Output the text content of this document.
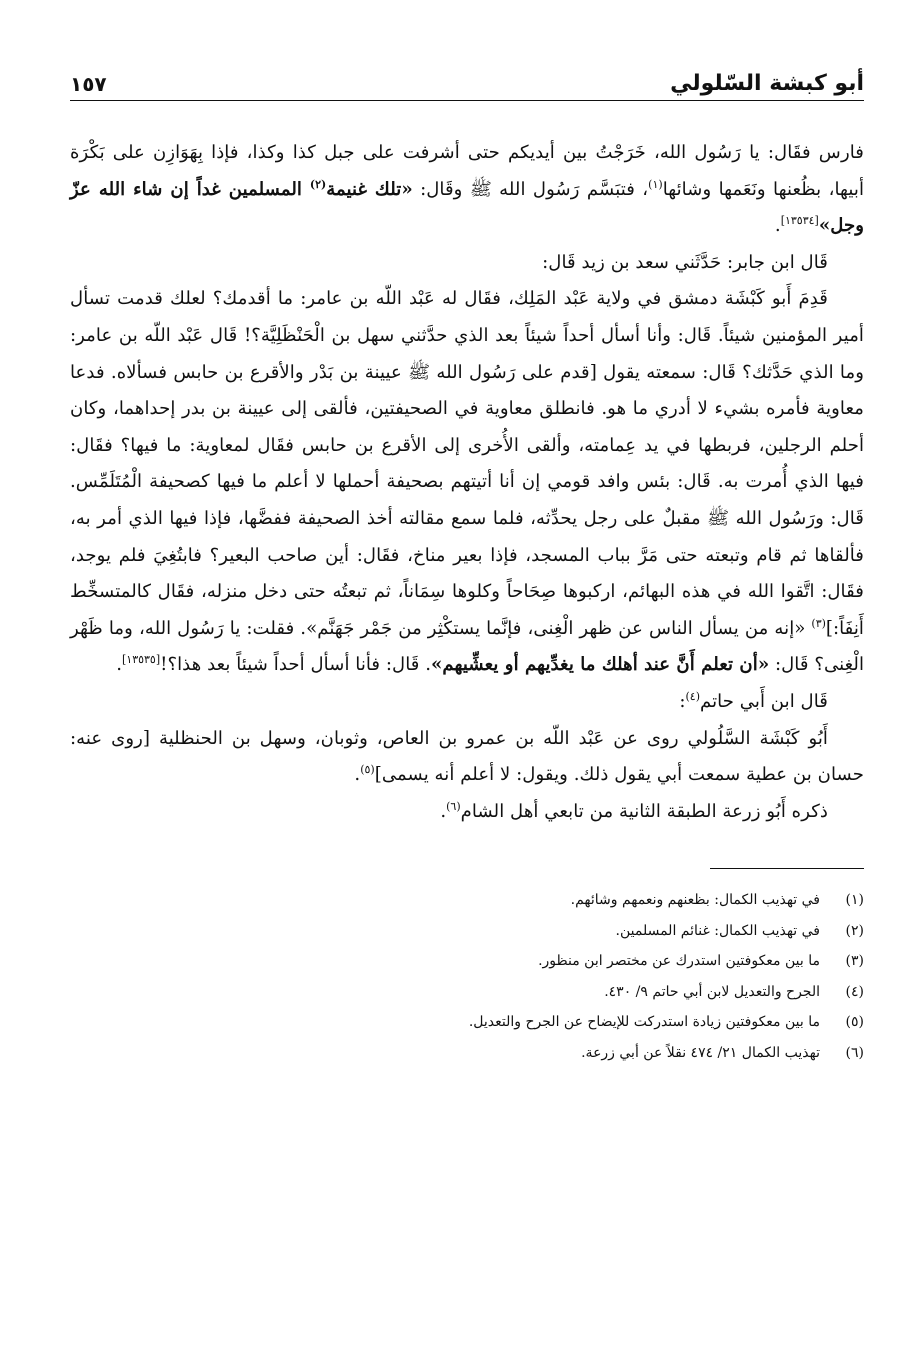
أبو كبشة السّلولي
١٥٧

فارس فقَال: يا رَسُول الله، خَرَجْتُ بين أيديكم حتى أشرفت على جبل كذا وكذا، فإذا بِهَوَازِن على بَكْرَة أبيها، بظُعنها ونَعَمها وشائها$^{(١)}$، فتبَسَّم رَسُول الله ﷺ وقَال: «تلك غنيمة$^{(٢)}$ المسلمين غداً إن شاء الله عزّ وجل»[١٣٥٣٤].

قَال ابن جابر: حَدَّثَني سعد بن زيد قَال:

قَدِمَ أَبو كَبْشَة دمشق في ولاية عَبْد المَلِك، فقَال له عَبْد اللّه بن عامر: ما أقدمك؟ لعلك قدمت تسأل أمير المؤمنين شيئاً. قَال: وأنا أسأل أحداً شيئاً بعد الذي حدَّثني سهل بن الْحَنْظَلِيَّة؟! قَال عَبْد اللّه بن عامر: وما الذي حَدَّثك؟ قَال: سمعته يقول [قدم على رَسُول الله ﷺ عيينة بن بَدْر والأقرع بن حابس فسألاه. فدعا معاوية فأمره بشيء لا أدري ما هو. فانطلق معاوية في الصحيفتين، فألقى إلى عيينة بن بدر إحداهما، وكان أحلم الرجلين، فربطها في يد عِمامته، وألقى الأُخرى إلى الأقرع بن حابس فقَال لمعاوية: ما فيها؟ فقَال: فيها الذي أُمرت به. قَال: بئس وافد قومي إن أنا أتيتهم بصحيفة أحملها لا أعلم ما فيها كصحيفة الْمُتَلَمِّس. قَال: ورَسُول الله ﷺ مقبلٌ على رجل يحدِّثه، فلما سمع مقالته أخذ الصحيفة ففضَّها، فإذا فيها الذي أمر به، فألقاها ثم قام وتبعته حتى مَرَّ بباب المسجد، فإذا بعير مناخ، فقَال: أين صاحب البعير؟ فابتُغِيَ فلم يوجد، فقَال: اتَّقوا الله في هذه البهائم، اركبوها صِحَاحاً وكلوها سِمَاناً، ثم تبعتُه حتى دخل منزله، فقَال كالمتسخِّط أَنِفَاً:]$^{(٣)}$ «إنه من يسأل الناس عن ظهر الْغِنى، فإنَّما يستكْثِر من جَمْر جَهَنَّم». فقلت: يا رَسُول الله، وما ظَهْر الْغِنى؟ قَال: «أن تعلم أَنَّ عند أهلك ما يغدِّيهم أو يعشِّيهم». قَال: فأنا أسأل أحداً شيئاً بعد هذا؟![١٣٥٣٥].

قَال ابن أَبي حاتم$^{(٤)}$:

أَبُو كَبْشَة السَّلُولي روى عن عَبْد اللّه بن عمرو بن العاص، وثوبان، وسهل بن الحنظلية [روى عنه: حسان بن عطية سمعت أبي يقول ذلك. ويقول: لا أعلم أنه يسمى]$^{(٥)}$.

ذكره أَبُو زرعة الطبقة الثانية من تابعي أهل الشام$^{(٦)}$.

(١)
في تهذيب الكمال: بظعنهم ونعمهم وشائهم.
(٢)
في تهذيب الكمال: غنائم المسلمين.
(٣)
ما بين معكوفتين استدرك عن مختصر ابن منظور.
(٤)
الجرح والتعديل لابن أبي حاتم ٩/ ٤٣٠.
(٥)
ما بين معكوفتين زيادة استدركت للإيضاح عن الجرح والتعديل.
(٦)
تهذيب الكمال ٢١/ ٤٧٤ نقلاً عن أبي زرعة.
